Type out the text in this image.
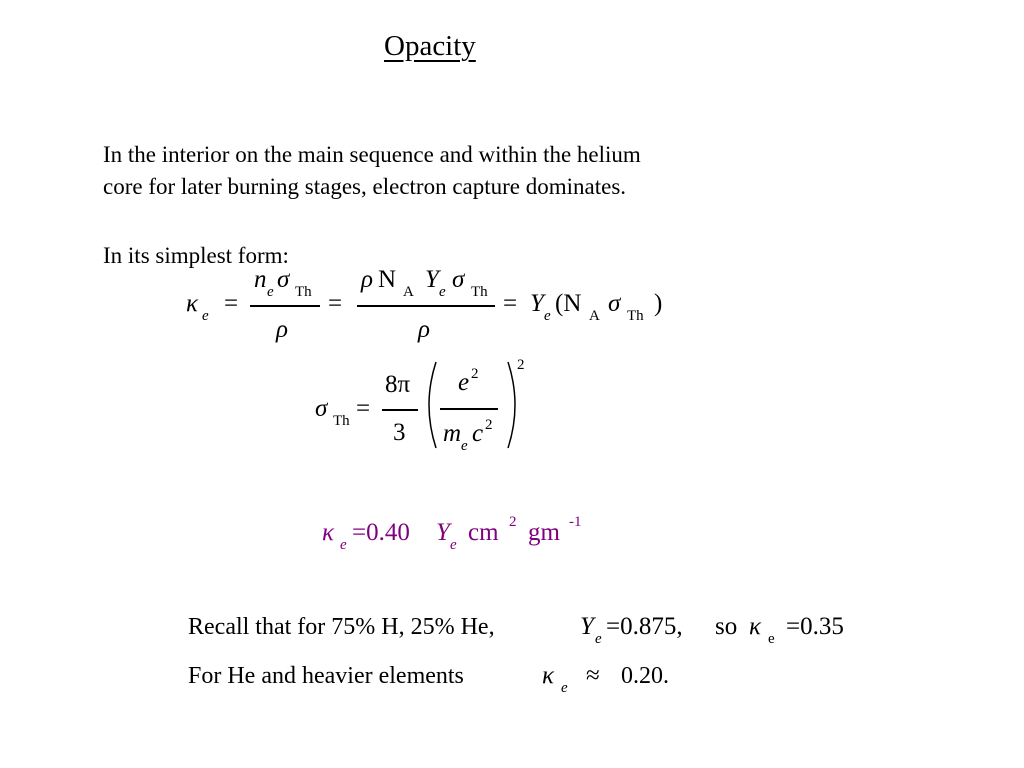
Opacity
In the interior on the main sequence and within the helium
core for later burning stages, electron capture dominates.
In its simplest form:
κ e =
n e σ Th
ρ
=
ρ N A Y e σ Th
ρ
= Y e (N A σ Th )
σ Th =
8π
3
e 2
m e c 2
2
κ e =0.40 Y e cm 2 gm -1
Recall that for 75% H, 25% He,	Y e =0.875, so κ e =0.35
For He and heavier elements	κ e ≈ 0.20.
